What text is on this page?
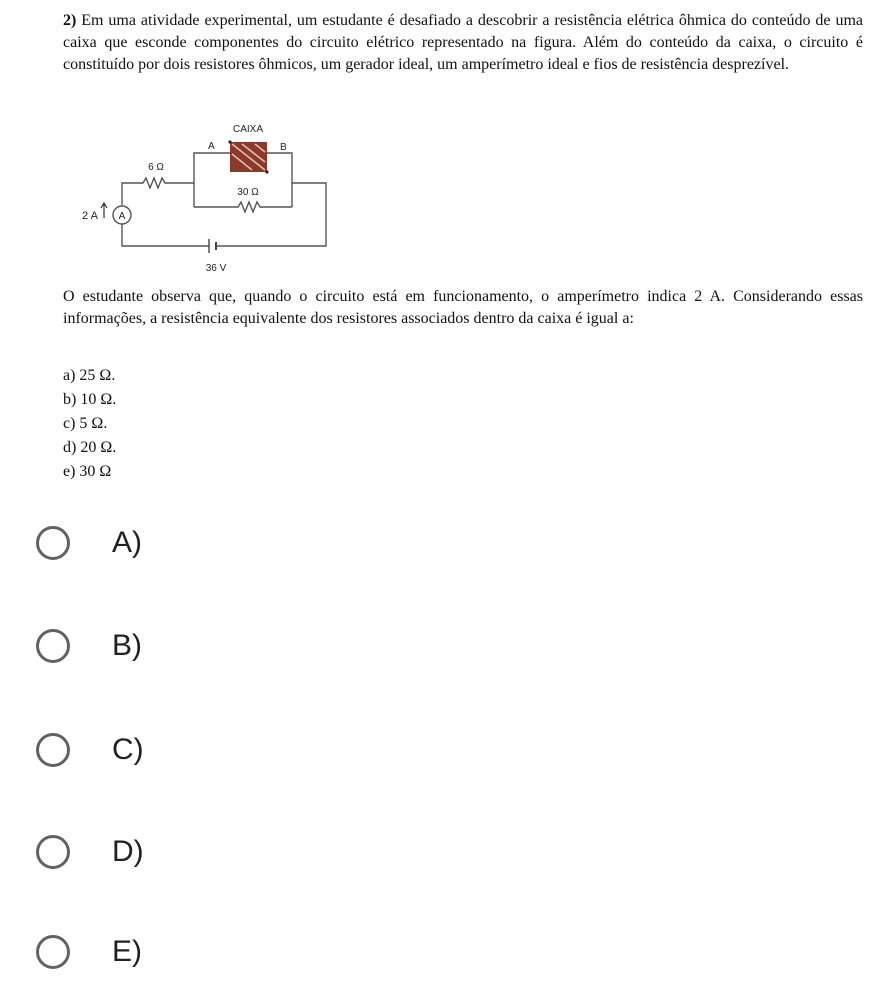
2) Em uma atividade experimental, um estudante é desafiado a descobrir a resistência elétrica ôhmica do conteúdo de uma caixa que esconde componentes do circuito elétrico representado na figura. Além do conteúdo da caixa, o circuito é constituído por dois resistores ôhmicos, um gerador ideal, um amperímetro ideal e fios de resistência desprezível.

CAIXA
A	B
6 Ω
30 Ω
A
2 A
36 V

O estudante observa que, quando o circuito está em funcionamento, o amperímetro indica 2 A. Considerando essas informações, a resistência equivalente dos resistores associados dentro da caixa é igual a:

a) 25 Ω.
b) 10 Ω.
c) 5 Ω.
d) 20 Ω.
e) 30 Ω
A)
B)
C)
D)
E)
